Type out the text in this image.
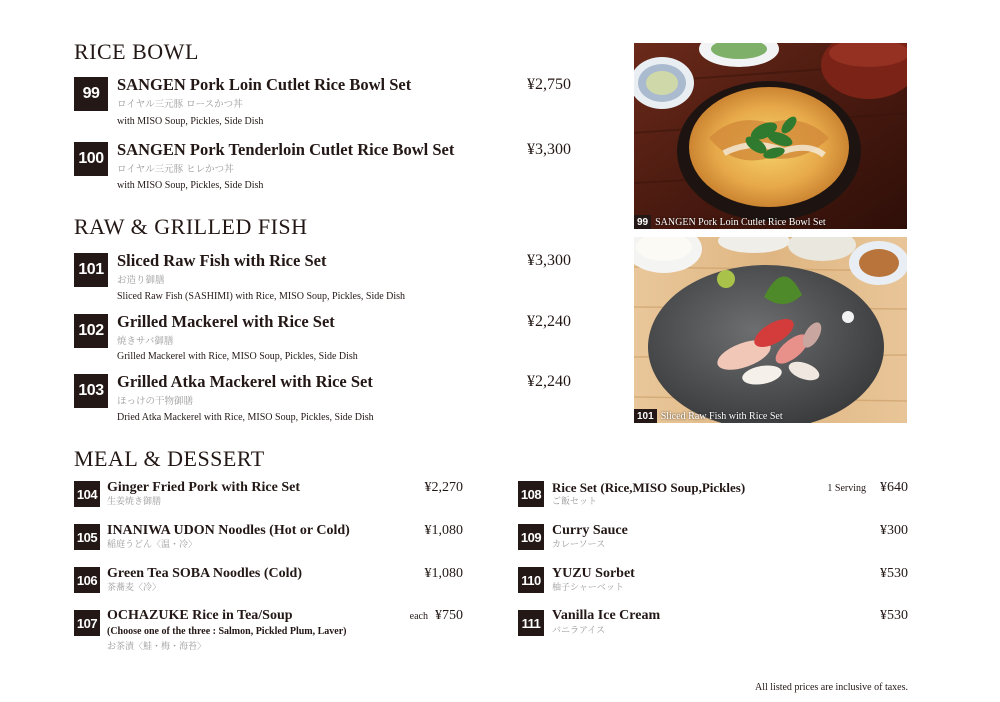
RICE BOWL
99	SANGEN Pork Loin Cutlet Rice Bowl Set
ロイヤル三元豚 ロースかつ丼
with MISO Soup, Pickles, Side Dish
¥2,750
100 SANGEN Pork Tenderloin Cutlet Rice Bowl Set
ロイヤル三元豚 ヒレかつ丼
with MISO Soup, Pickles, Side Dish
¥3,300
RAW & GRILLED FISH
101 Sliced Raw Fish with Rice Set
お造り御膳
Sliced Raw Fish (SASHIMI) with Rice, MISO Soup, Pickles, Side Dish
¥3,300
102 Grilled Mackerel with Rice Set
焼きサバ御膳
Grilled Mackerel with Rice, MISO Soup, Pickles, Side Dish
¥2,240
103 Grilled Atka Mackerel with Rice Set
ほっけの干物御膳
Dried Atka Mackerel with Rice, MISO Soup, Pickles, Side Dish
¥2,240
99 SANGEN Pork Loin Cutlet Rice Bowl Set
101 Sliced Raw Fish with Rice Set
MEAL & DESSERT
104 Ginger Fried Pork with Rice Set
生姜焼き御膳
¥2,270
105 INANIWA UDON Noodles (Hot or Cold)
稲庭うどん〈温・冷〉
¥1,080
106 Green Tea SOBA Noodles (Cold)
茶蕎麦〈冷〉
¥1,080
107 OCHAZUKE Rice in Tea/Soup
(Choose one of the three : Salmon, Pickled Plum, Laver)
お茶漬〈鮭・梅・海苔〉
each ¥750
108 Rice Set (Rice,MISO Soup,Pickles)
ご飯セット
1 Serving ¥640
109 Curry Sauce
カレーソース
¥300
110 YUZU Sorbet
柚子シャーベット
¥530
111 Vanilla Ice Cream
バニラアイス
¥530
All listed prices are inclusive of taxes.
